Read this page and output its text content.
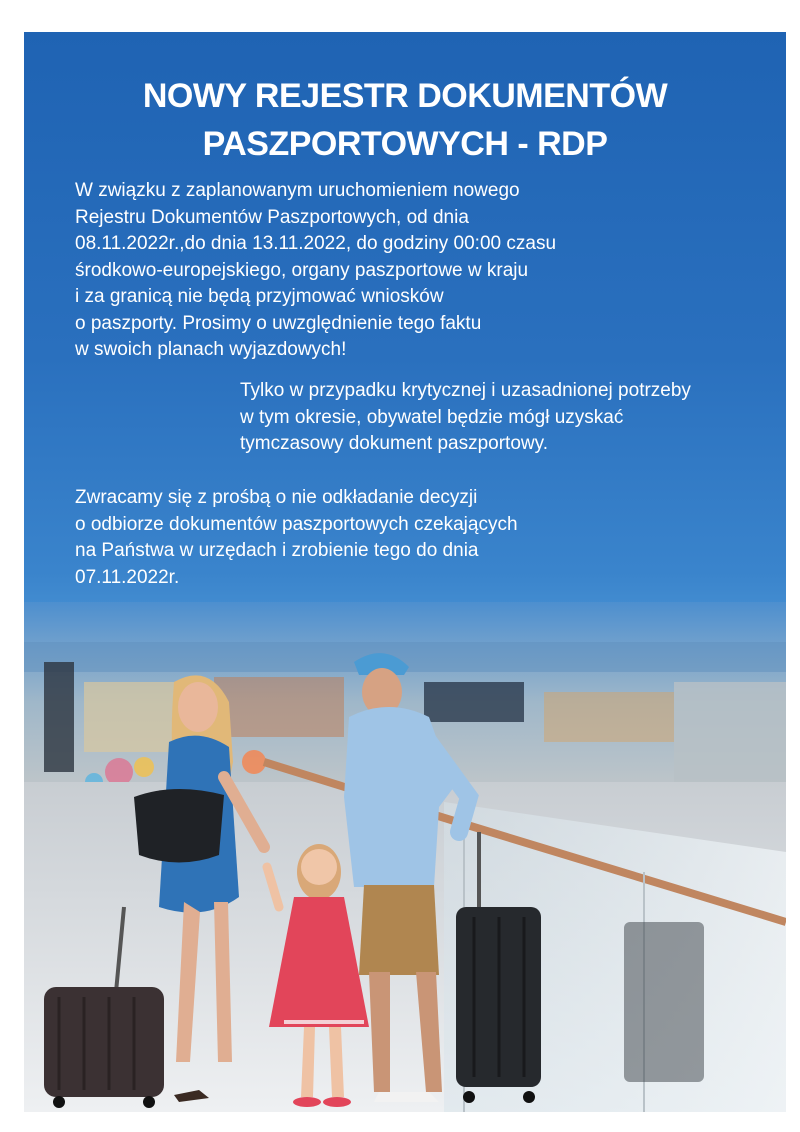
NOWY REJESTR DOKUMENTÓW
PASZPORTOWYCH - RDP
W związku z zaplanowanym uruchomieniem nowego
Rejestru Dokumentów Paszportowych, od dnia
08.11.2022r.,do dnia 13.11.2022, do godziny 00:00 czasu
środkowo-europejskiego, organy paszportowe w kraju
i za granicą nie będą przyjmować wniosków
o paszporty. Prosimy o uwzględnienie tego faktu
w swoich planach wyjazdowych!
Tylko w przypadku krytycznej i uzasadnionej potrzeby
w tym okresie, obywatel będzie mógł uzyskać
tymczasowy dokument paszportowy.
Zwracamy się z prośbą o nie odkładanie decyzji
o odbiorze dokumentów paszportowych czekających
na Państwa w urzędach i zrobienie tego do dnia
07.11.2022r.
